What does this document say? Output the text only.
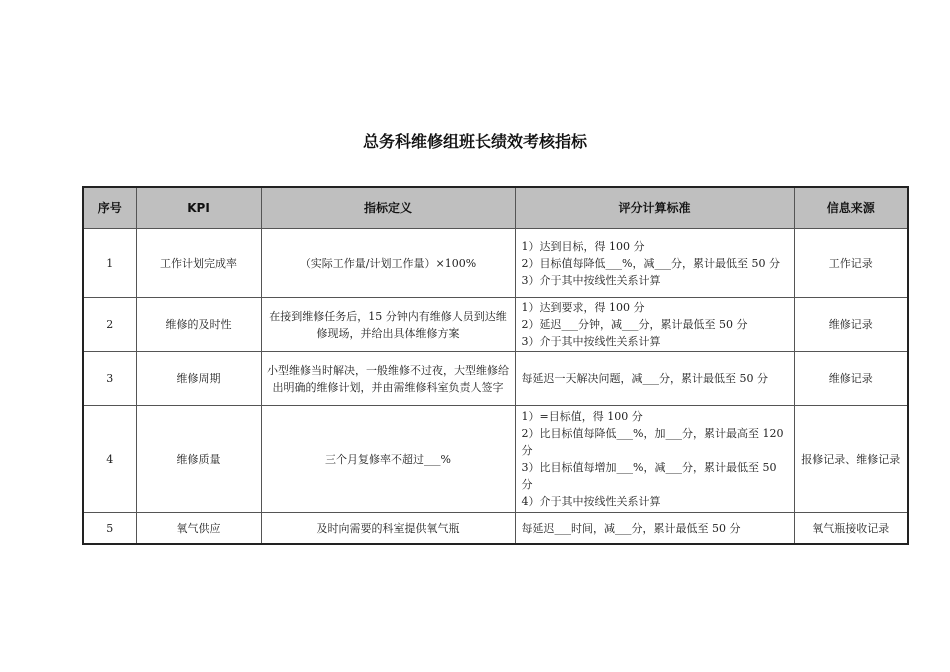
总务科维修组班长绩效考核指标
序号	KPI	指标定义	评分计算标准	信息来源
1	工作计划完成率	（实际工作量/计划工作量）×100%	1）达到目标，得 100 分
2）目标值每降低___%，减___分，累计最低至 50 分
3）介于其中按线性关系计算	工作记录
2	维修的及时性	在接到维修任务后，15 分钟内有维修人员到达维修现场，并给出具体维修方案	1）达到要求，得 100 分
2）延迟___分钟，减___分，累计最低至 50 分
3）介于其中按线性关系计算	维修记录
3	维修周期	小型维修当时解决，一般维修不过夜，大型维修给出明确的维修计划，并由需维修科室负责人签字	每延迟一天解决问题，减___分，累计最低至 50 分	维修记录
4	维修质量	三个月复修率不超过___%	1）=目标值，得 100 分
2）比目标值每降低___%，加___分，累计最高至 120 分
3）比目标值每增加___%，减___分，累计最低至 50 分
4）介于其中按线性关系计算	报修记录、维修记录
5	氧气供应	及时向需要的科室提供氧气瓶	每延迟___时间，减___分，累计最低至 50 分	氧气瓶接收记录
